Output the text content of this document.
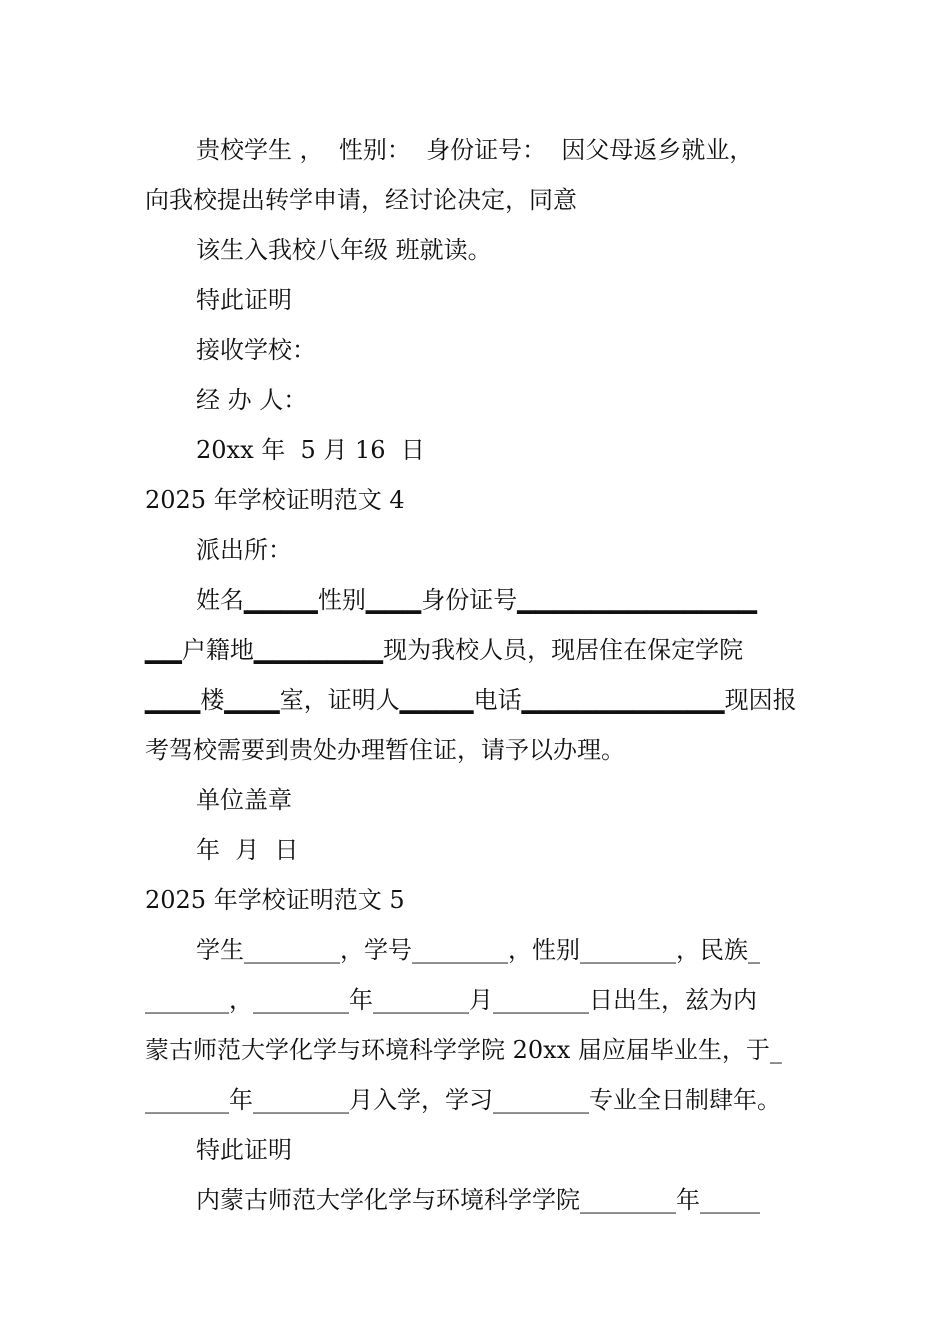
贵校学生 ，  性别：  身份证号：  因父母返乡就业，
向我校提出转学申请，经讨论决定，同意
该生入我校八年级 班就读。
特此证明
接收学校：
经 办 人：
20xx 年  5 月 16  日
2025 年学校证明范文 4
派出所：
姓名▁▁▁▁性别▁▁▁身份证号▁▁▁▁▁▁▁▁▁▁▁▁▁
▁▁户籍地▁▁▁▁▁▁▁现为我校人员，现居住在保定学院
▁▁▁楼▁▁▁室，证明人▁▁▁▁电话▁▁▁▁▁▁▁▁▁▁▁现因报
考驾校需要到贵处办理暂住证，请予以办理。
单位盖章
年  月  日
2025 年学校证明范文 5
学生________，学号________，性别________，民族_
_______，________年________月________日出生，兹为内
蒙古师范大学化学与环境科学学院 20xx 届应届毕业生，于_
_______年________月入学，学习________专业全日制肆年。
特此证明
内蒙古师范大学化学与环境科学学院________年_____
